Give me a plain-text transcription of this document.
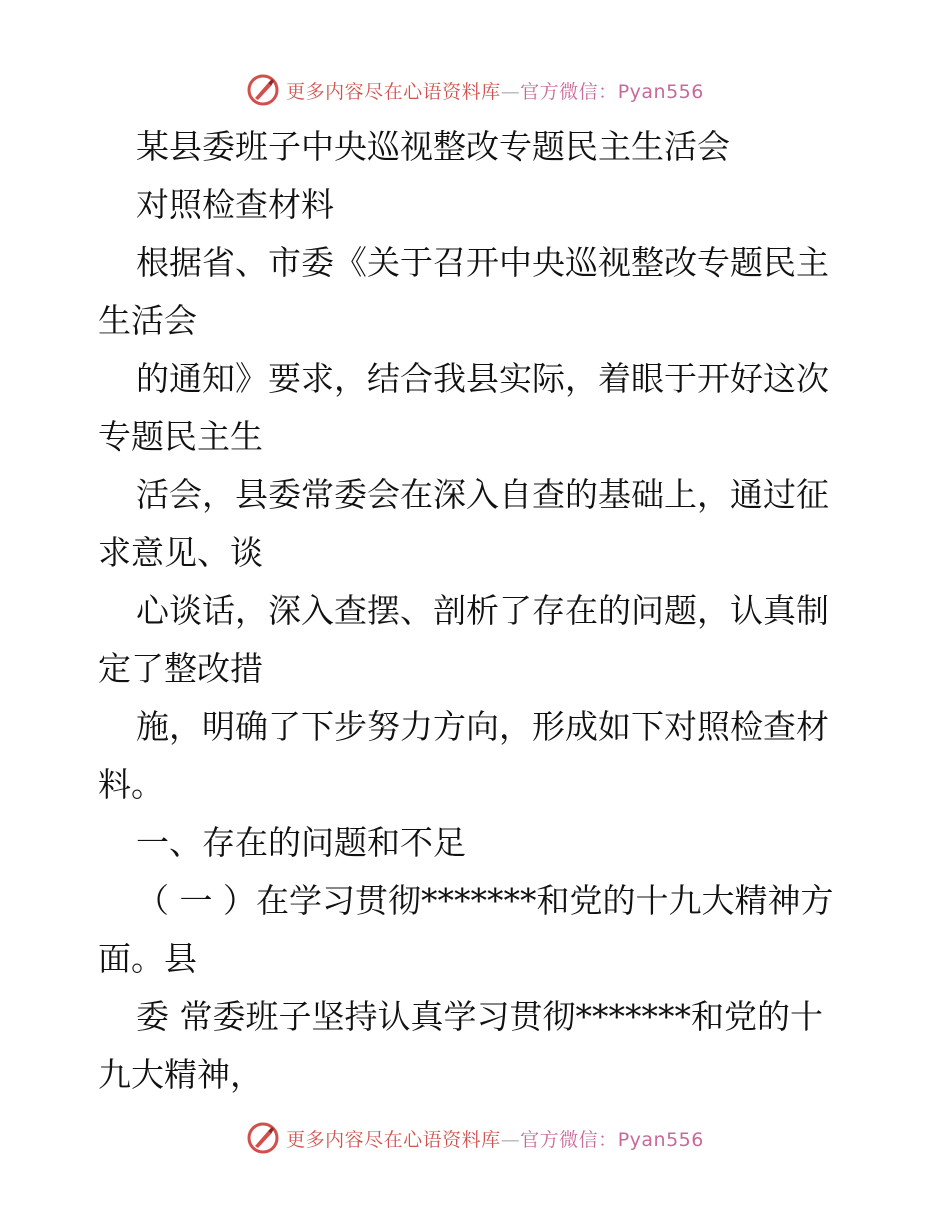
更多内容尽在心语资料库—官方微信：Pyan556
某县委班子中央巡视整改专题民主生活会
对照检查材料
根据省、市委《关于召开中央巡视整改专题民主
生活会
的通知》要求，结合我县实际，着眼于开好这次
专题民主生
活会，县委常委会在深入自查的基础上，通过征
求意见、谈
心谈话，深入查摆、剖析了存在的问题，认真制
定了整改措
施，明确了下步努力方向，形成如下对照检查材
料。
一、存在的问题和不足
（ 一 ）在学习贯彻*******和党的十九大精神方
面。县
委 常委班子坚持认真学习贯彻*******和党的十
九大精神，
更多内容尽在心语资料库—官方微信：Pyan556
